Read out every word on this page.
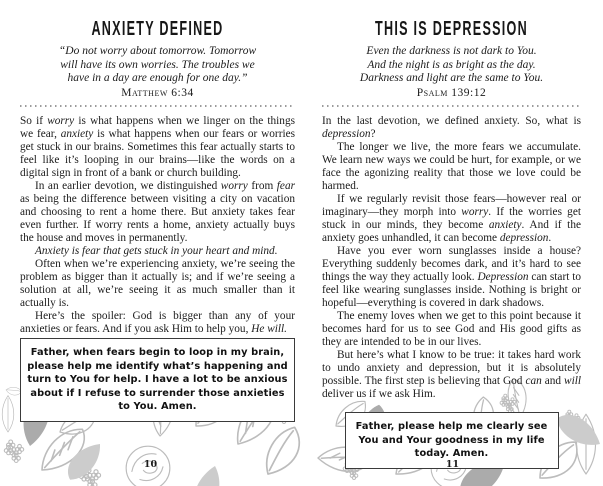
ANXIETY DEFINED
“Do not worry about tomorrow. Tomorrow
will have its own worries. The troubles we
have in a day are enough for one day.”
Matthew 6:34

So if worry is what happens when we linger on the things we fear, anxiety is what happens when our fears or worries get stuck in our brains. Sometimes this fear actually starts to feel like it’s looping in our brains—like the words on a digital sign in front of a bank or church building.

In an earlier devotion, we distinguished worry from fear as being the difference between visiting a city on vacation and choosing to rent a home there. But anxiety takes fear even further. If worry rents a home, anxiety actually buys the house and moves in permanently.

Anxiety is fear that gets stuck in your heart and mind.

Often when we’re experiencing anxiety, we’re seeing the problem as bigger than it actually is; and if we’re seeing a solution at all, we’re seeing it as much smaller than it actually is.

Here’s the spoiler: God is bigger than any of your anxieties or fears. And if you ask Him to help you, He will.

Father, when fears begin to loop in my brain, please help me identify what’s happening and turn to You for help. I have a lot to be anxious about if I refuse to surrender those anxieties to You. Amen.
10
THIS IS DEPRESSION
Even the darkness is not dark to You.
And the night is as bright as the day.
Darkness and light are the same to You.
Psalm 139:12

In the last devotion, we defined anxiety. So, what is depression?

The longer we live, the more fears we accumulate. We learn new ways we could be hurt, for example, or we face the agonizing reality that those we love could be harmed.

If we regularly revisit those fears—however real or imaginary—they morph into worry. If the worries get stuck in our minds, they become anxiety. And if the anxiety goes unhandled, it can become depression.

Have you ever worn sunglasses inside a house? Everything suddenly becomes dark, and it’s hard to see things the way they actually look. Depression can start to feel like wearing sunglasses inside. Nothing is bright or hopeful—everything is covered in dark shadows.

The enemy loves when we get to this point because it becomes hard for us to see God and His good gifts as they are intended to be in our lives.

But here’s what I know to be true: it takes hard work to undo anxiety and depression, but it is absolutely possible. The first step is believing that God can and will deliver us if we ask Him.

Father, please help me clearly see You and Your goodness in my life today. Amen.
11
